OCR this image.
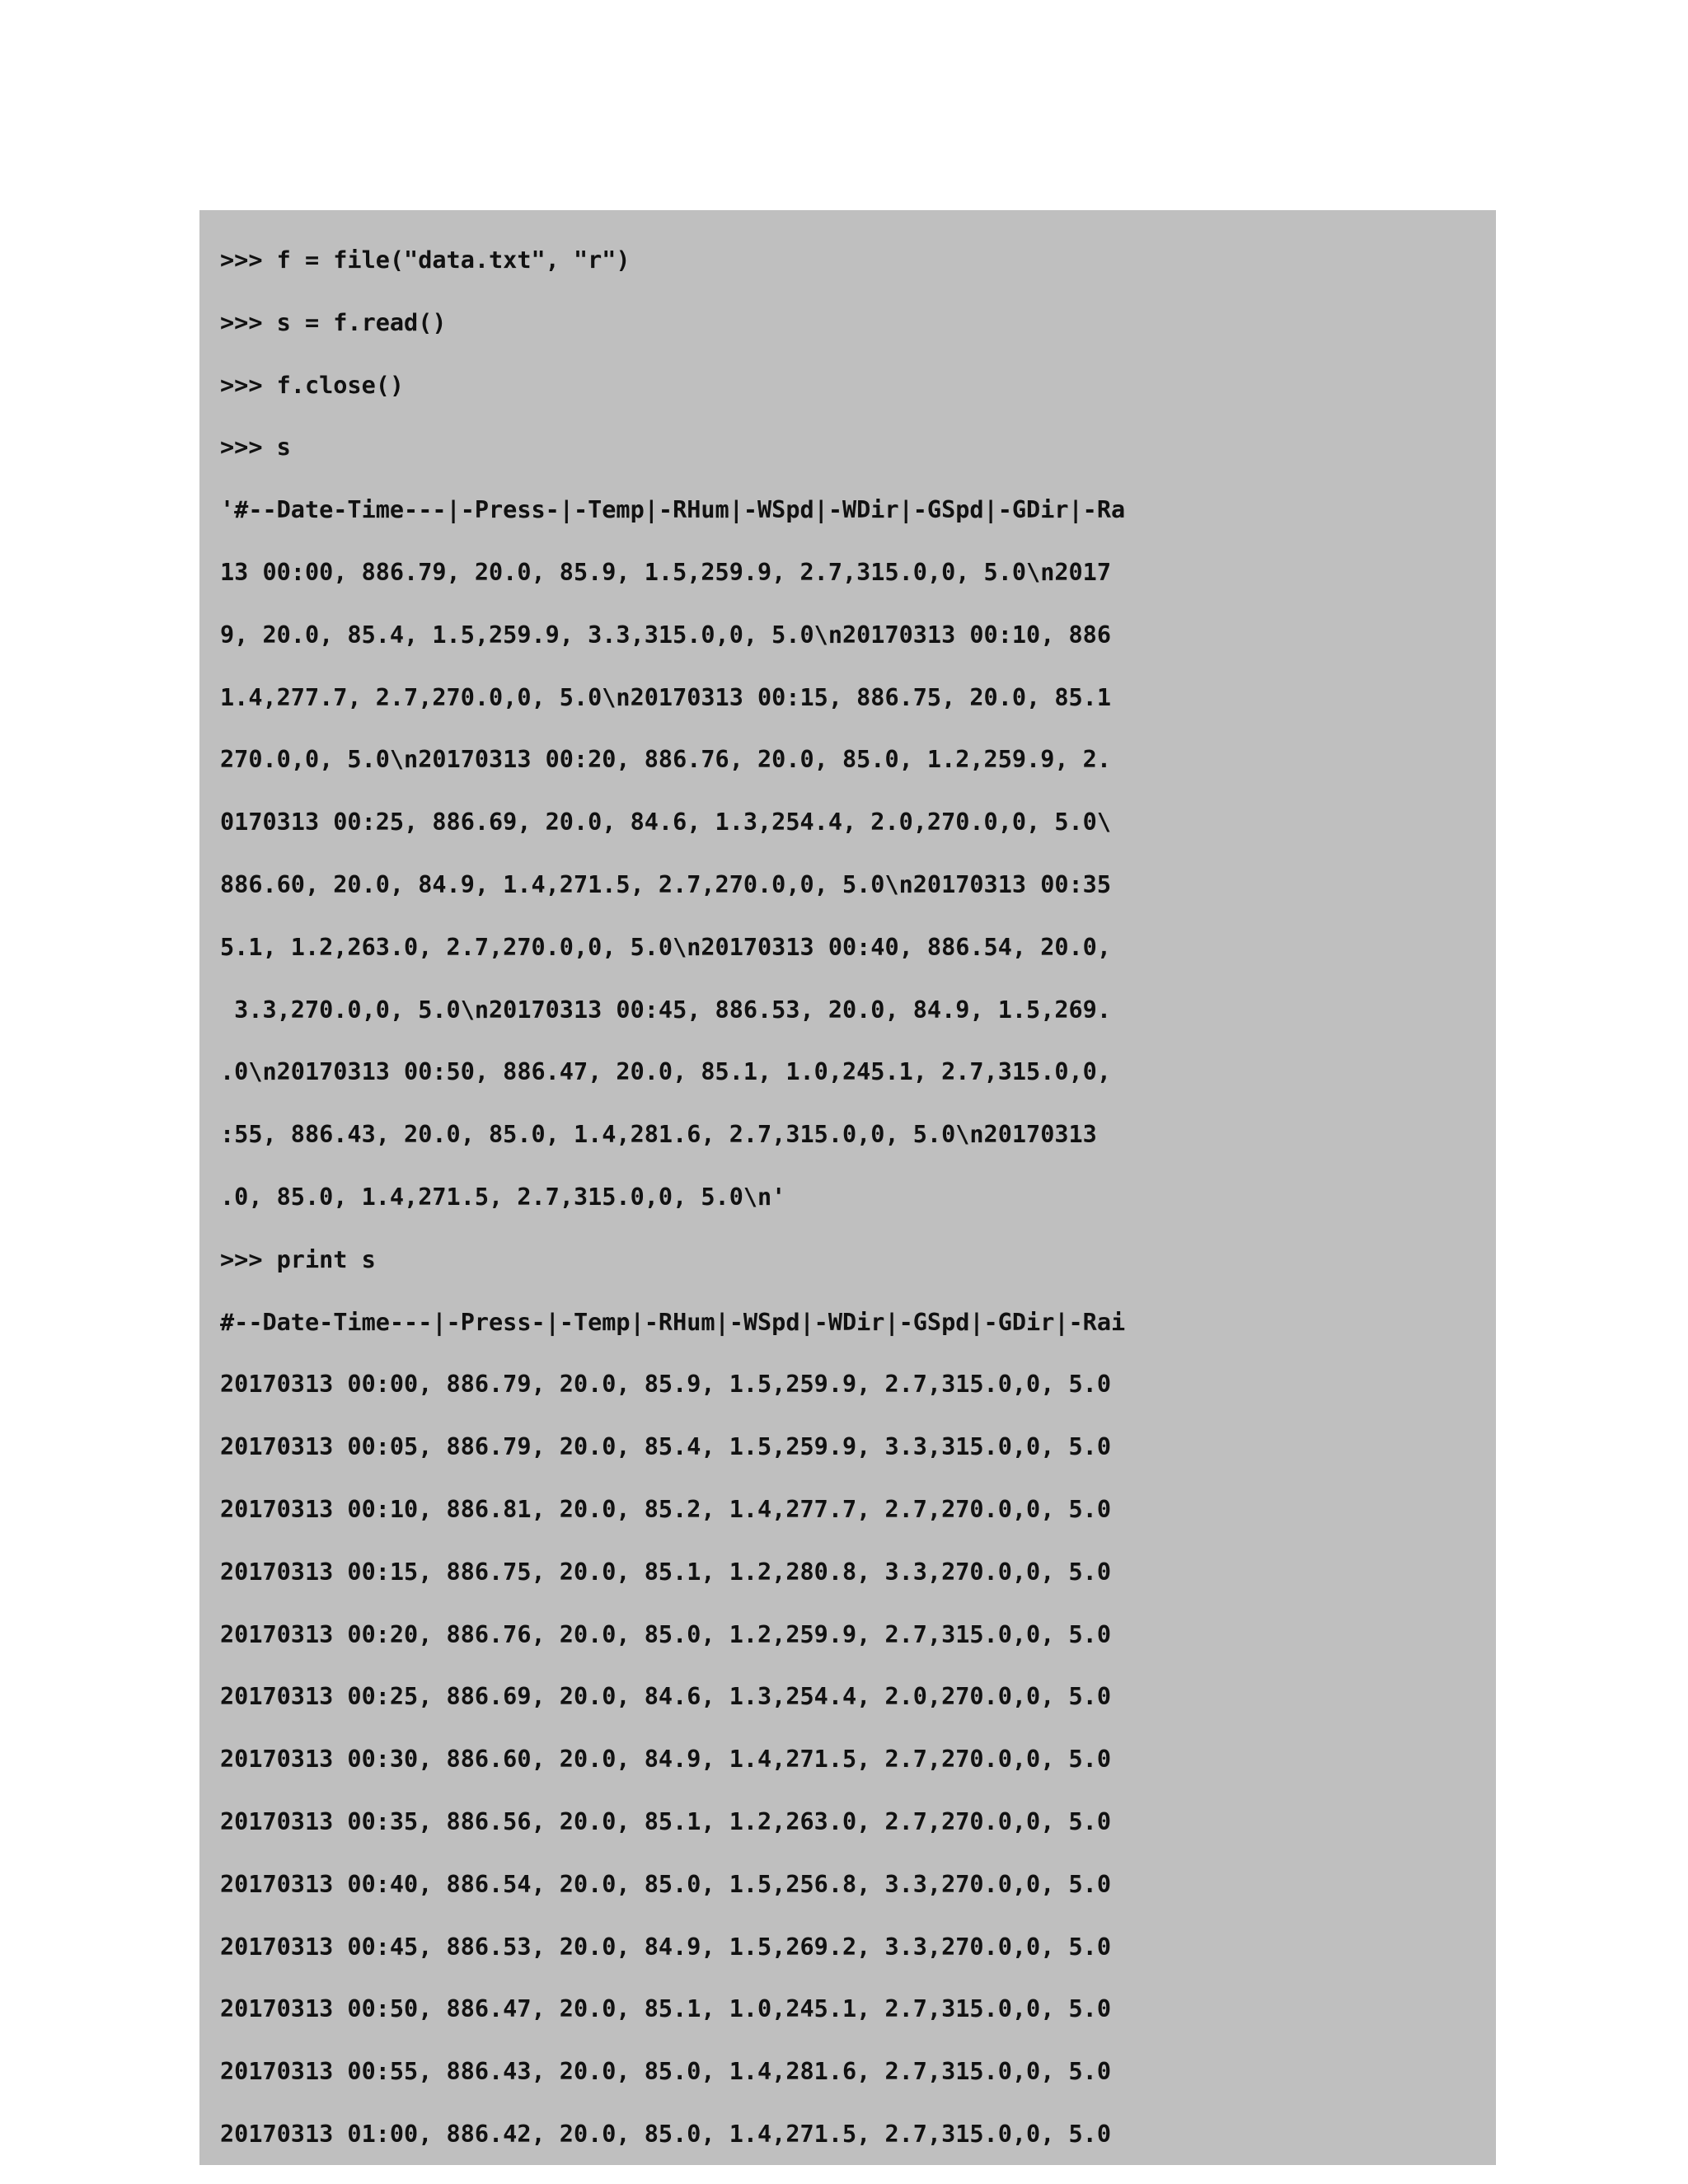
>>> f = file("data.txt", "r")
>>> s = f.read()
>>> f.close()
>>> s
'#--Date-Time---|-Press-|-Temp|-RHum|-WSpd|-WDir|-GSpd|-GDir|-Ra
13 00:00, 886.79, 20.0, 85.9, 1.5,259.9, 2.7,315.0,0, 5.0\n2017
9, 20.0, 85.4, 1.5,259.9, 3.3,315.0,0, 5.0\n20170313 00:10, 886
1.4,277.7, 2.7,270.0,0, 5.0\n20170313 00:15, 886.75, 20.0, 85.1
270.0,0, 5.0\n20170313 00:20, 886.76, 20.0, 85.0, 1.2,259.9, 2.
0170313 00:25, 886.69, 20.0, 84.6, 1.3,254.4, 2.0,270.0,0, 5.0\
886.60, 20.0, 84.9, 1.4,271.5, 2.7,270.0,0, 5.0\n20170313 00:35
5.1, 1.2,263.0, 2.7,270.0,0, 5.0\n20170313 00:40, 886.54, 20.0,
3.3,270.0,0, 5.0\n20170313 00:45, 886.53, 20.0, 84.9, 1.5,269.
.0\n20170313 00:50, 886.47, 20.0, 85.1, 1.0,245.1, 2.7,315.0,0,
:55, 886.43, 20.0, 85.0, 1.4,281.6, 2.7,315.0,0, 5.0\n20170313
.0, 85.0, 1.4,271.5, 2.7,315.0,0, 5.0\n'
>>> print s
#--Date-Time---|-Press-|-Temp|-RHum|-WSpd|-WDir|-GSpd|-GDir|-Rai
20170313 00:00, 886.79, 20.0, 85.9, 1.5,259.9, 2.7,315.0,0, 5.0
20170313 00:05, 886.79, 20.0, 85.4, 1.5,259.9, 3.3,315.0,0, 5.0
20170313 00:10, 886.81, 20.0, 85.2, 1.4,277.7, 2.7,270.0,0, 5.0
20170313 00:15, 886.75, 20.0, 85.1, 1.2,280.8, 3.3,270.0,0, 5.0
20170313 00:20, 886.76, 20.0, 85.0, 1.2,259.9, 2.7,315.0,0, 5.0
20170313 00:25, 886.69, 20.0, 84.6, 1.3,254.4, 2.0,270.0,0, 5.0
20170313 00:30, 886.60, 20.0, 84.9, 1.4,271.5, 2.7,270.0,0, 5.0
20170313 00:35, 886.56, 20.0, 85.1, 1.2,263.0, 2.7,270.0,0, 5.0
20170313 00:40, 886.54, 20.0, 85.0, 1.5,256.8, 3.3,270.0,0, 5.0
20170313 00:45, 886.53, 20.0, 84.9, 1.5,269.2, 3.3,270.0,0, 5.0
20170313 00:50, 886.47, 20.0, 85.1, 1.0,245.1, 2.7,315.0,0, 5.0
20170313 00:55, 886.43, 20.0, 85.0, 1.4,281.6, 2.7,315.0,0, 5.0
20170313 01:00, 886.42, 20.0, 85.0, 1.4,271.5, 2.7,315.0,0, 5.0
